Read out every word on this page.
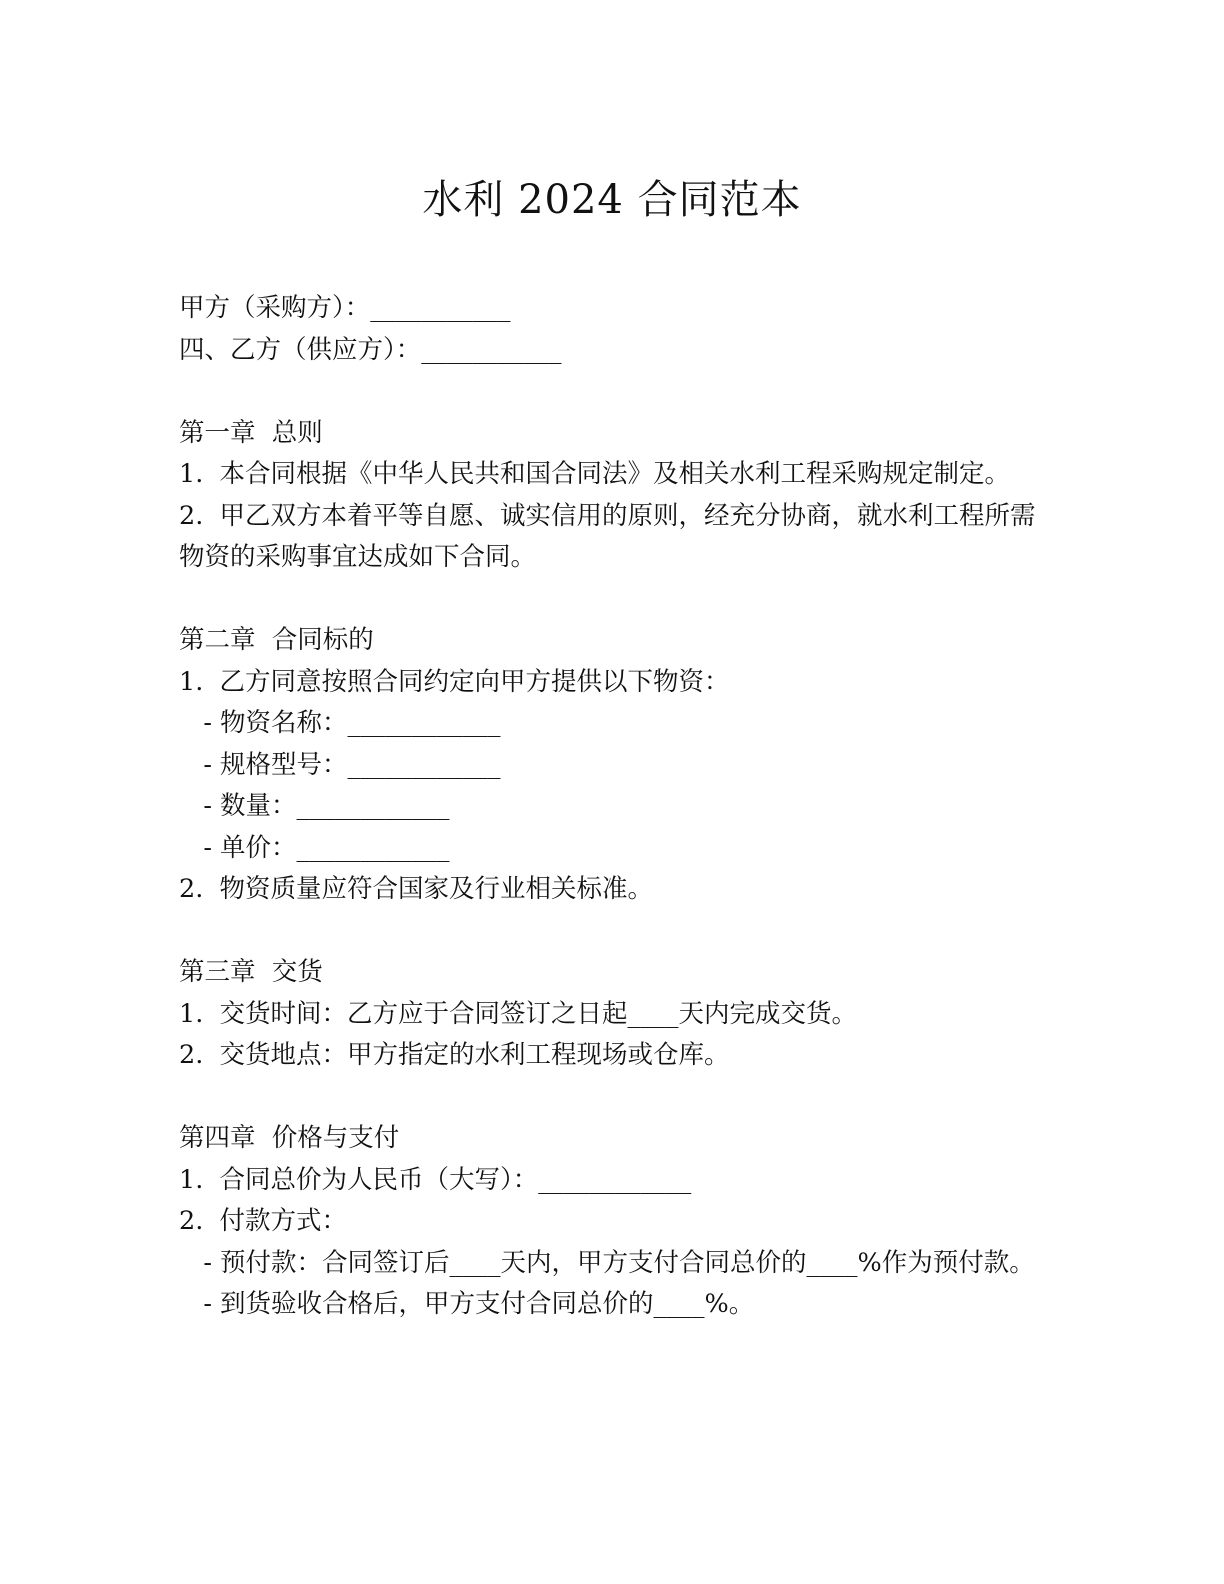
水利 2024 合同范本
甲方（采购方）：___________
四、乙方（供应方）：___________
第一章  总则
1.  本合同根据《中华人民共和国合同法》及相关水利工程采购规定制定。
2.  甲乙双方本着平等自愿、诚实信用的原则，经充分协商，就水利工程所需物资的采购事宜达成如下合同。
第二章  合同标的
1.  乙方同意按照合同约定向甲方提供以下物资：
- 物资名称：____________
- 规格型号：____________
- 数量：____________
- 单价：____________
2.  物资质量应符合国家及行业相关标准。
第三章  交货
1.  交货时间：乙方应于合同签订之日起____天内完成交货。
2.  交货地点：甲方指定的水利工程现场或仓库。
第四章  价格与支付
1.  合同总价为人民币（大写）：____________
2.  付款方式：
- 预付款：合同签订后____天内，甲方支付合同总价的____%作为预付款。
- 到货验收合格后，甲方支付合同总价的____%。
